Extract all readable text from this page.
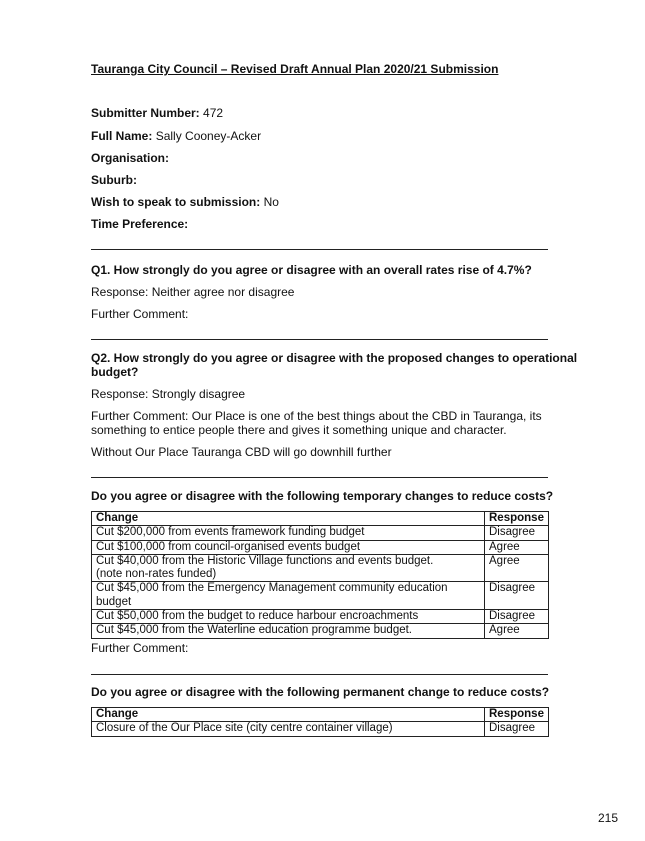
Tauranga City Council – Revised Draft Annual Plan 2020/21 Submission
Submitter Number: 472
Full Name: Sally Cooney-Acker
Organisation:
Suburb:
Wish to speak to submission: No
Time Preference:
Q1. How strongly do you agree or disagree with an overall rates rise of 4.7%?
Response: Neither agree nor disagree
Further Comment:
Q2. How strongly do you agree or disagree with the proposed changes to operational
budget?
Response: Strongly disagree
Further Comment: Our Place is one of the best things about the CBD in Tauranga, its
something to entice people there and gives it something unique and character.
Without Our Place Tauranga CBD will go downhill further
Do you agree or disagree with the following temporary changes to reduce costs?
Change	Response
Cut $200,000 from events framework funding budget	Disagree
Cut $100,000 from council-organised events budget	Agree

Cut $40,000 from the Historic Village functions and events budget.
(note non-rates funded)	Agree
Cut $45,000 from the Emergency Management community education budget	Disagree
Cut $50,000 from the budget to reduce harbour encroachments	Disagree
Cut $45,000 from the Waterline education programme budget.	Agree
Further Comment:
Do you agree or disagree with the following permanent change to reduce costs?
Change	Response
Closure of the Our Place site (city centre container village)	Disagree
215
